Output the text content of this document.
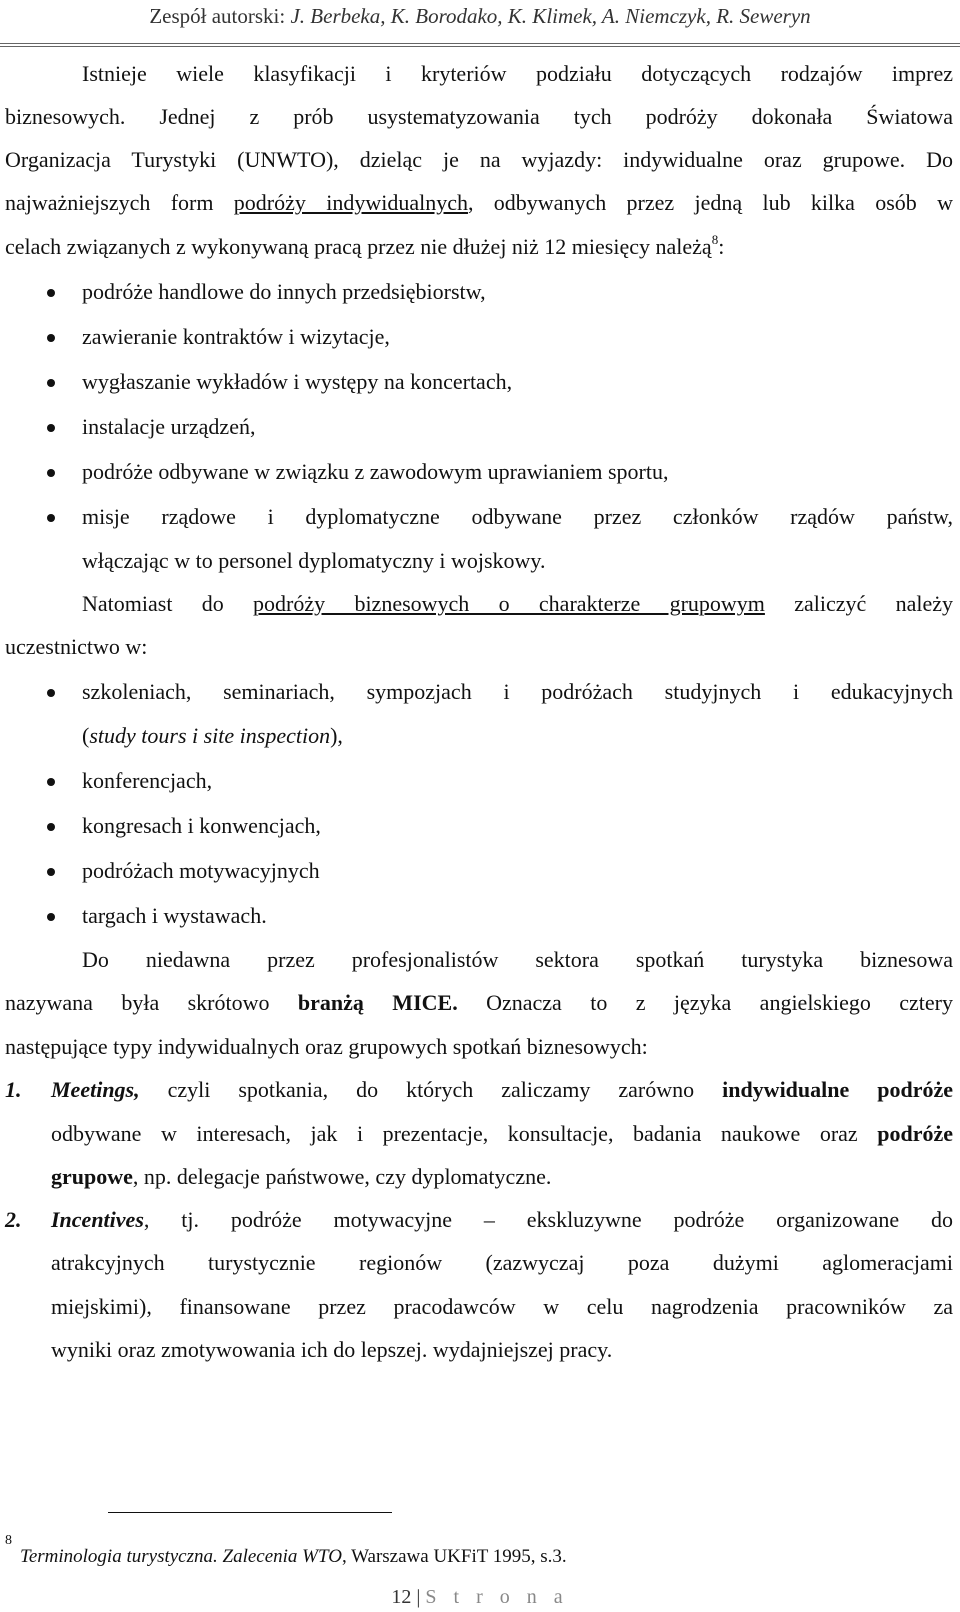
Zespół autorski: J. Berbeka, K. Borodako, K. Klimek, A. Niemczyk, R. Seweryn
Istnieje wiele klasyfikacji i kryteriów podziału dotyczących rodzajów imprez
biznesowych. Jednej z prób usystematyzowania tych podróży dokonała Światowa
Organizacja Turystyki (UNWTO), dzieląc je na wyjazdy: indywidualne oraz grupowe. Do
najważniejszych form podróży indywidualnych, odbywanych przez jedną lub kilka osób w
celach związanych z wykonywaną pracą przez nie dłużej niż 12 miesięcy należą$^8$:
podróże handlowe do innych przedsiębiorstw,
zawieranie kontraktów i wizytacje,
wygłaszanie wykładów i występy na koncertach,
instalacje urządzeń,
podróże odbywane w związku z zawodowym uprawianiem sportu,
misje rządowe i dyplomatyczne odbywane przez członków rządów państw,
włączając w to personel dyplomatyczny i wojskowy.
Natomiast do podróży biznesowych o charakterze grupowym zaliczyć należy
uczestnictwo w:
szkoleniach, seminariach, sympozjach i podróżach studyjnych i edukacyjnych
(study tours i site inspection),
konferencjach,
kongresach i konwencjach,
podróżach motywacyjnych
targach i wystawach.
Do niedawna przez profesjonalistów sektora spotkań turystyka biznesowa
nazywana była skrótowo branżą MICE. Oznacza to z języka angielskiego cztery
następujące typy indywidualnych oraz grupowych spotkań biznesowych:
1. Meetings, czyli spotkania, do których zaliczamy zarówno indywidualne podróże
odbywane w interesach, jak i prezentacje, konsultacje, badania naukowe oraz podróże
grupowe, np. delegacje państwowe, czy dyplomatyczne.
2. Incentives, tj. podróże motywacyjne – ekskluzywne podróże organizowane do
atrakcyjnych turystycznie regionów (zazwyczaj poza dużymi aglomeracjami
miejskimi), finansowane przez pracodawców w celu nagrodzenia pracowników za
wyniki oraz zmotywowania ich do lepszej. wydajniejszej pracy.
8
Terminologia turystyczna. Zalecenia WTO, Warszawa UKFiT 1995, s.3.
12 | S t r o n a
